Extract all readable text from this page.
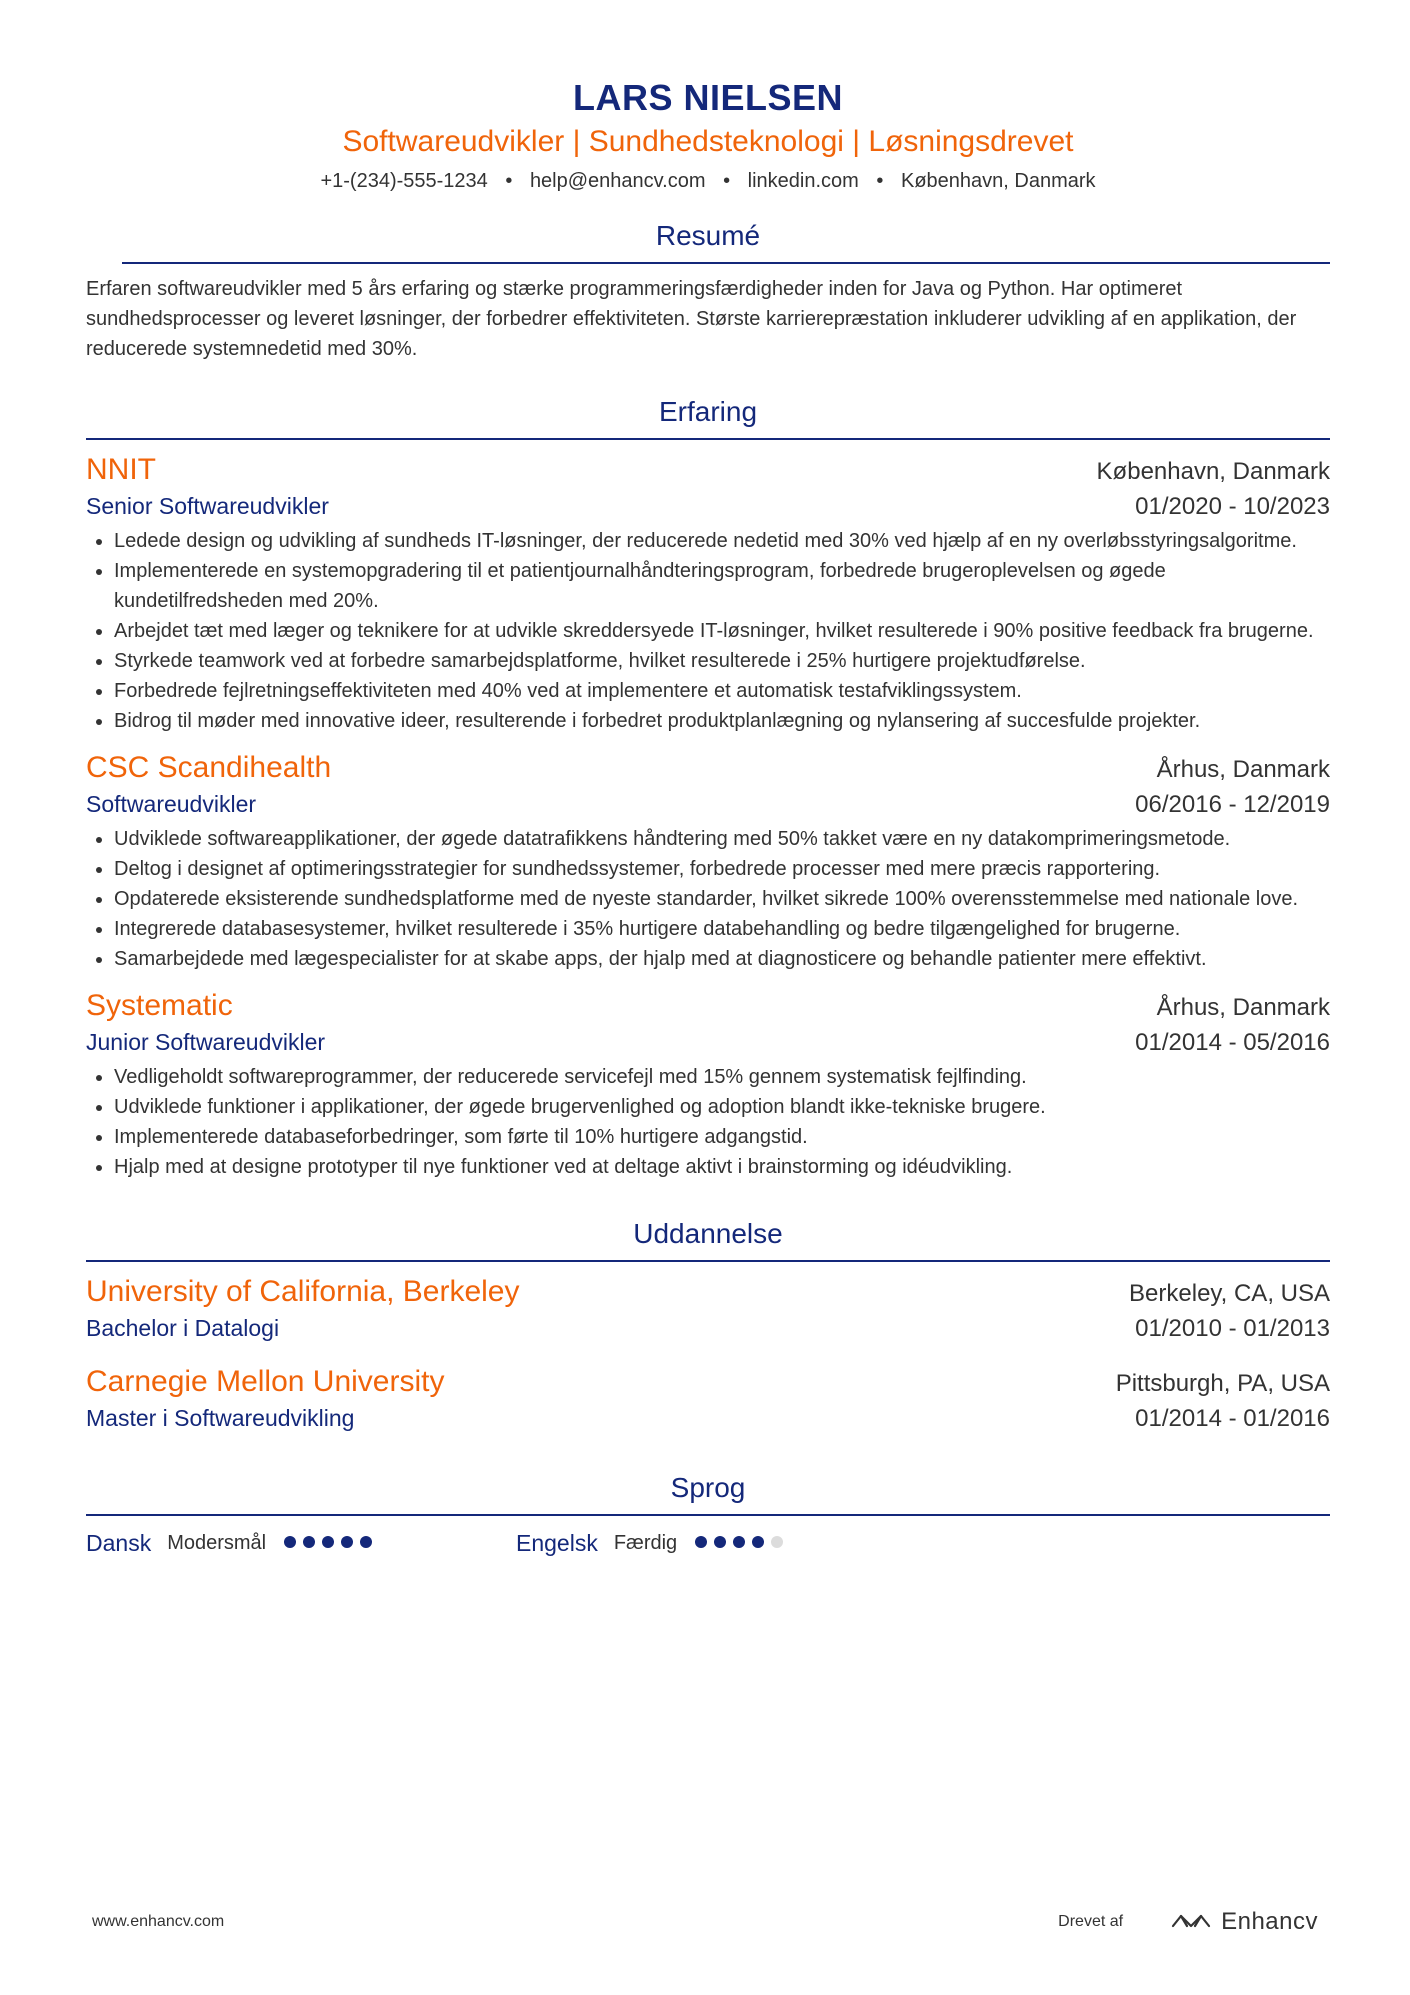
LARS NIELSEN
Softwareudvikler | Sundhedsteknologi | Løsningsdrevet
+1-(234)-555-1234 • help@enhancv.com • linkedin.com • København, Danmark
Resumé
Erfaren softwareudvikler med 5 års erfaring og stærke programmeringsfærdigheder inden for Java og Python. Har optimeret sundhedsprocesser og leveret løsninger, der forbedrer effektiviteten. Største karrierepræstation inkluderer udvikling af en applikation, der reducerede systemnedetid med 30%.
Erfaring
NNIT	København, Danmark
Senior Softwareudvikler	01/2020 - 10/2023
• Ledede design og udvikling af sundheds IT-løsninger, der reducerede nedetid med 30% ved hjælp af en ny overløbsstyringsalgoritme.
• Implementerede en systemopgradering til et patientjournalhåndteringsprogram, forbedrede brugeroplevelsen og øgede kundetilfredsheden med 20%.
• Arbejdet tæt med læger og teknikere for at udvikle skreddersyede IT-løsninger, hvilket resulterede i 90% positive feedback fra brugerne.
• Styrkede teamwork ved at forbedre samarbejdsplatforme, hvilket resulterede i 25% hurtigere projektudførelse.
• Forbedrede fejlretningseffektiviteten med 40% ved at implementere et automatisk testafviklingssystem.
• Bidrog til møder med innovative ideer, resulterende i forbedret produktplanlægning og nylansering af succesfulde projekter.
CSC Scandihealth	Århus, Danmark
Softwareudvikler	06/2016 - 12/2019
• Udviklede softwareapplikationer, der øgede datatrafikkens håndtering med 50% takket være en ny datakomprimeringsmetode.
• Deltog i designet af optimeringsstrategier for sundhedssystemer, forbedrede processer med mere præcis rapportering.
• Opdaterede eksisterende sundhedsplatforme med de nyeste standarder, hvilket sikrede 100% overensstemmelse med nationale love.
• Integrerede databasesystemer, hvilket resulterede i 35% hurtigere databehandling og bedre tilgængelighed for brugerne.
• Samarbejdede med lægespecialister for at skabe apps, der hjalp med at diagnosticere og behandle patienter mere effektivt.
Systematic	Århus, Danmark
Junior Softwareudvikler	01/2014 - 05/2016
• Vedligeholdt softwareprogrammer, der reducerede servicefejl med 15% gennem systematisk fejlfinding.
• Udviklede funktioner i applikationer, der øgede brugervenlighed og adoption blandt ikke-tekniske brugere.
• Implementerede databaseforbedringer, som førte til 10% hurtigere adgangstid.
• Hjalp med at designe prototyper til nye funktioner ved at deltage aktivt i brainstorming og idéudvikling.
Uddannelse
University of California, Berkeley	Berkeley, CA, USA
Bachelor i Datalogi	01/2010 - 01/2013
Carnegie Mellon University	Pittsburgh, PA, USA
Master i Softwareudvikling	01/2014 - 01/2016
Sprog
Dansk Modersmål	Engelsk Færdig
www.enhancv.com	Drevet af	Enhancv
